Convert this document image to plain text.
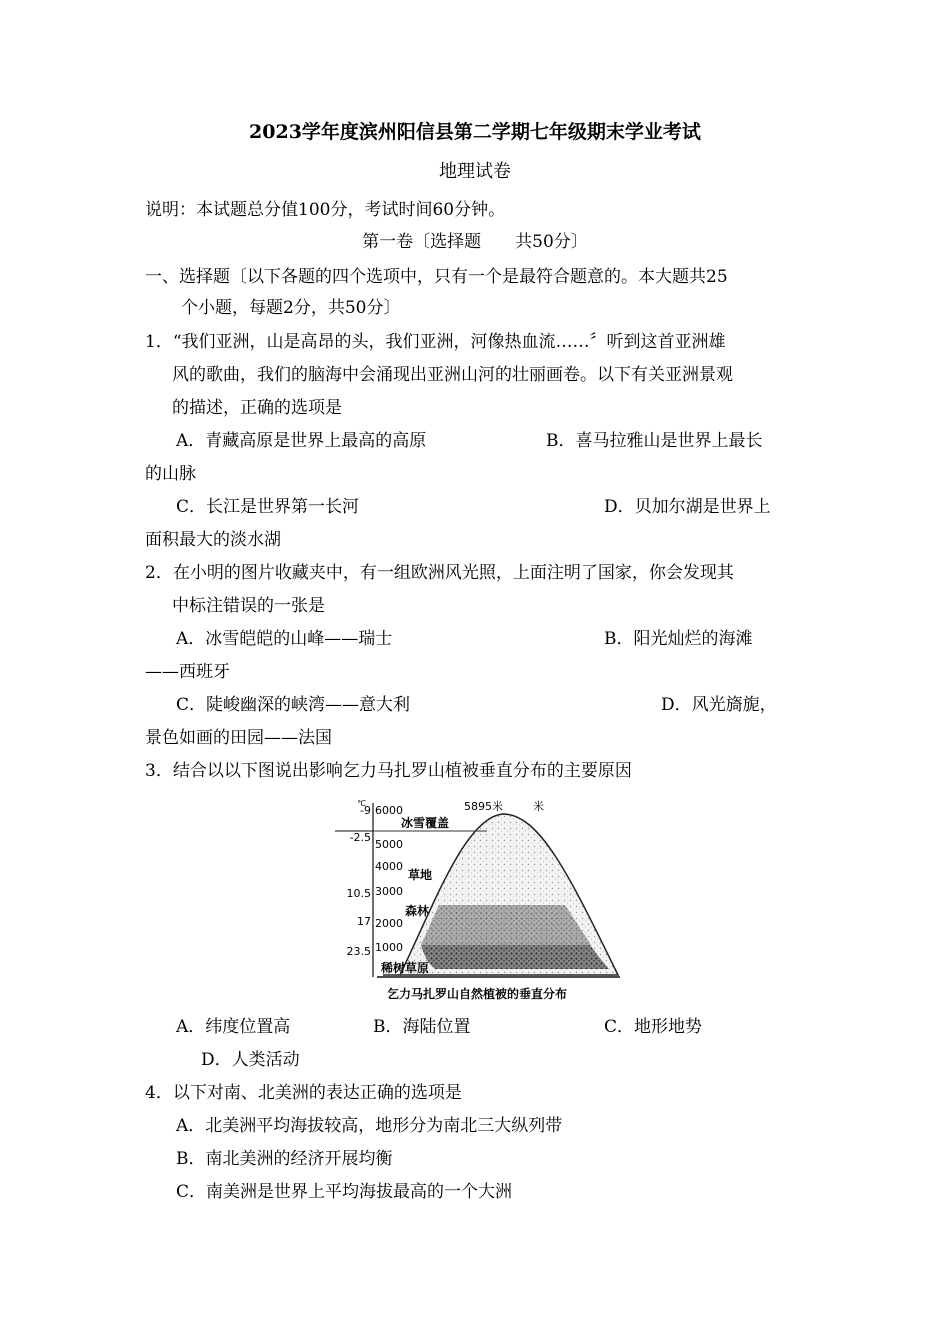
2023学年度滨州阳信县第二学期七年级期末学业考试
地理试卷
说明：本试题总分值100分，考试时间60分钟。
第一卷〔选择题　　共50分〕
一、选择题〔以下各题的四个选项中，只有一个是最符合题意的。本大题共25
个小题，每题2分，共50分〕
1．“我们亚洲，山是高昂的头，我们亚洲，河像热血流……〞听到这首亚洲雄
风的歌曲，我们的脑海中会涌现出亚洲山河的壮丽画卷。以下有关亚洲景观
的描述，正确的选项是
A．青藏高原是世界上最高的高原	B．喜马拉雅山是世界上最长
的山脉
C．长江是世界第一长河	D．贝加尔湖是世界上
面积最大的淡水湖
2．在小明的图片收藏夹中，有一组欧洲风光照，上面注明了国家，你会发现其
中标注错误的一张是
A．冰雪皑皑的山峰——瑞士	B．阳光灿烂的海滩
——西班牙
C．陡峻幽深的峡湾——意大利	D．风光旖旎，
景色如画的田园——法国
3．结合以以下图说出影响乞力马扎罗山植被垂直分布的主要原因
℃	米
5895米
-9
-2.5
10.5
17
23.5
6000
5000
4000
3000
2000
1000
冰雪覆盖
草地
森林
稀树草原
乞力马扎罗山自然植被的垂直分布
A．纬度位置高	B．海陆位置	C．地形地势
D．人类活动
4．以下对南、北美洲的表达正确的选项是
A．北美洲平均海拔较高，地形分为南北三大纵列带
B．南北美洲的经济开展均衡
C．南美洲是世界上平均海拔最高的一个大洲
